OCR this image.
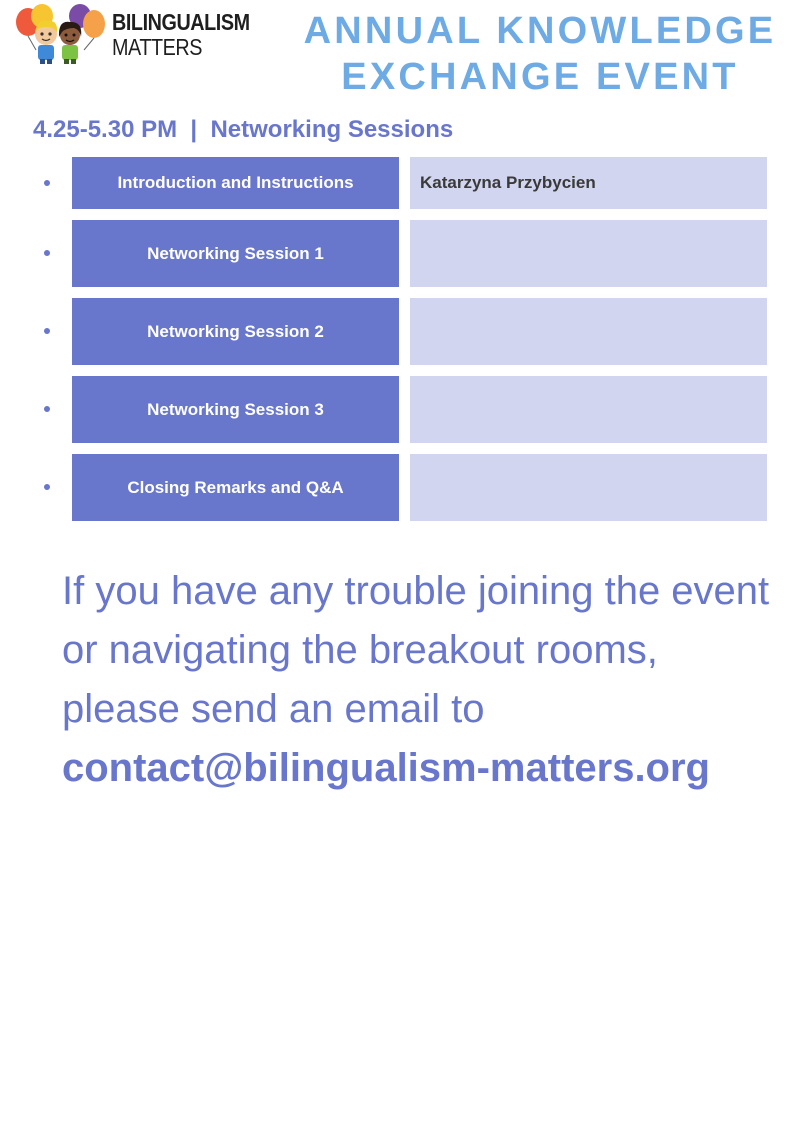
BILINGUALISM
MATTERS	ANNUAL KNOWLEDGE
EXCHANGE EVENT
4.25-5.30 PM  |  Networking Sessions
Introduction and Instructions	Katarzyna Przybycien
Networking Session 1
Networking Session 2
Networking Session 3
Closing Remarks and Q&A
If you have any trouble joining the event or navigating the breakout rooms, please send an email to
contact@bilingualism-matters.org
